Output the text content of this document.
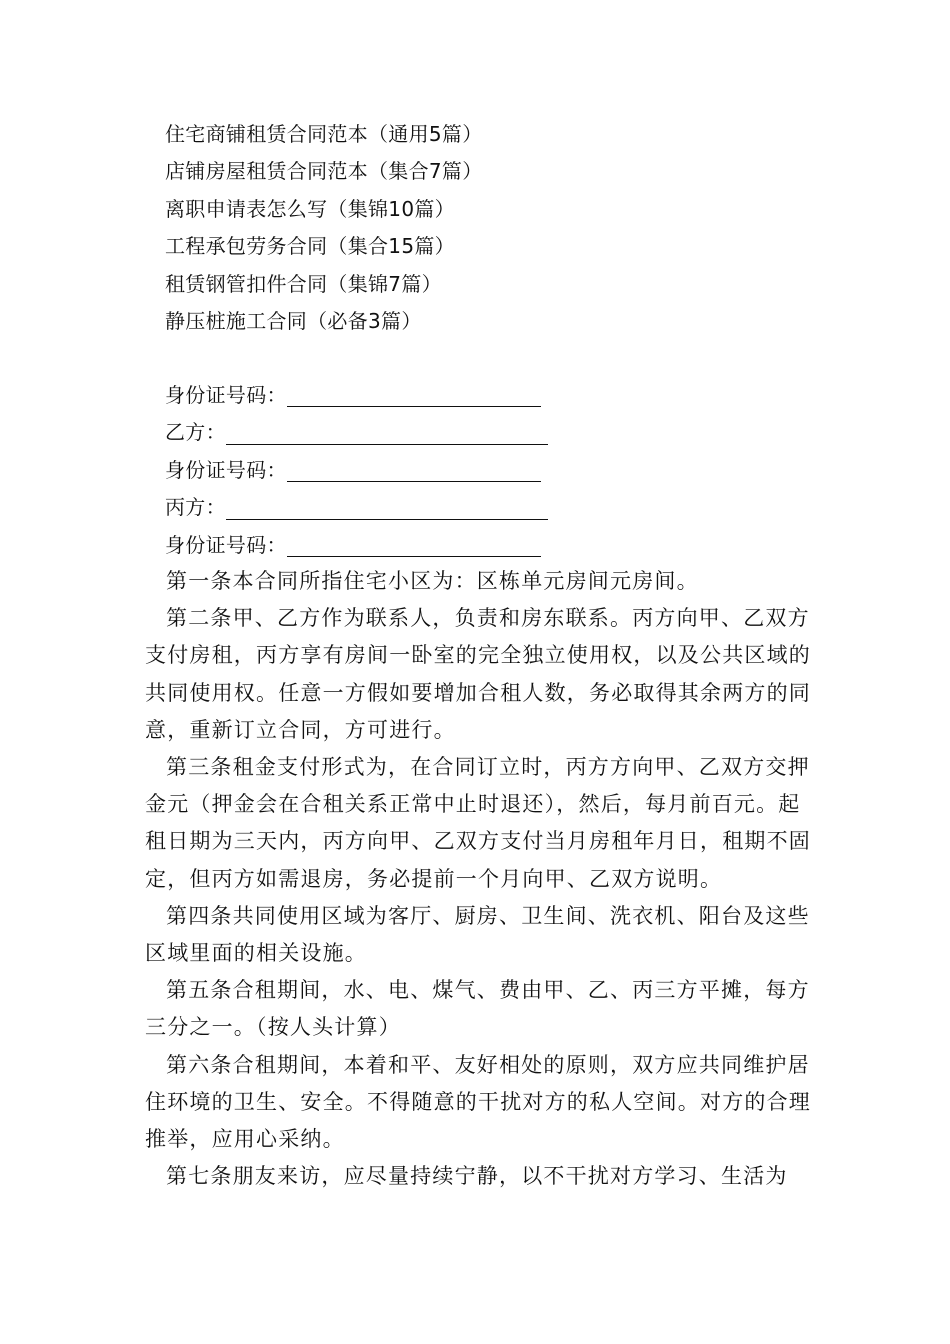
住宅商铺租赁合同范本（通用5篇）
店铺房屋租赁合同范本（集合7篇）
离职申请表怎么写（集锦10篇）
工程承包劳务合同（集合15篇）
租赁钢管扣件合同（集锦7篇）
静压桩施工合同（必备3篇）
身份证号码：
乙方：
身份证号码：
丙方：
身份证号码：

第一条本合同所指住宅小区为：区栋单元房间元房间。

第二条甲、乙方作为联系人，负责和房东联系。丙方向甲、乙双方支付房租，丙方享有房间一卧室的完全独立使用权，以及公共区域的共同使用权。任意一方假如要增加合租人数，务必取得其余两方的同意，重新订立合同，方可进行。

第三条租金支付形式为，在合同订立时，丙方方向甲、乙双方交押金元（押金会在合租关系正常中止时退还），然后，每月前百元。起租日期为三天内，丙方向甲、乙双方支付当月房租年月日，租期不固定，但丙方如需退房，务必提前一个月向甲、乙双方说明。

第四条共同使用区域为客厅、厨房、卫生间、洗衣机、阳台及这些区域里面的相关设施。

第五条合租期间，水、电、煤气、费由甲、乙、丙三方平摊，每方三分之一。（按人头计算）

第六条合租期间，本着和平、友好相处的原则，双方应共同维护居住环境的卫生、安全。不得随意的干扰对方的私人空间。对方的合理推举，应用心采纳。

第七条朋友来访，应尽量持续宁静，以不干扰对方学习、生活为
